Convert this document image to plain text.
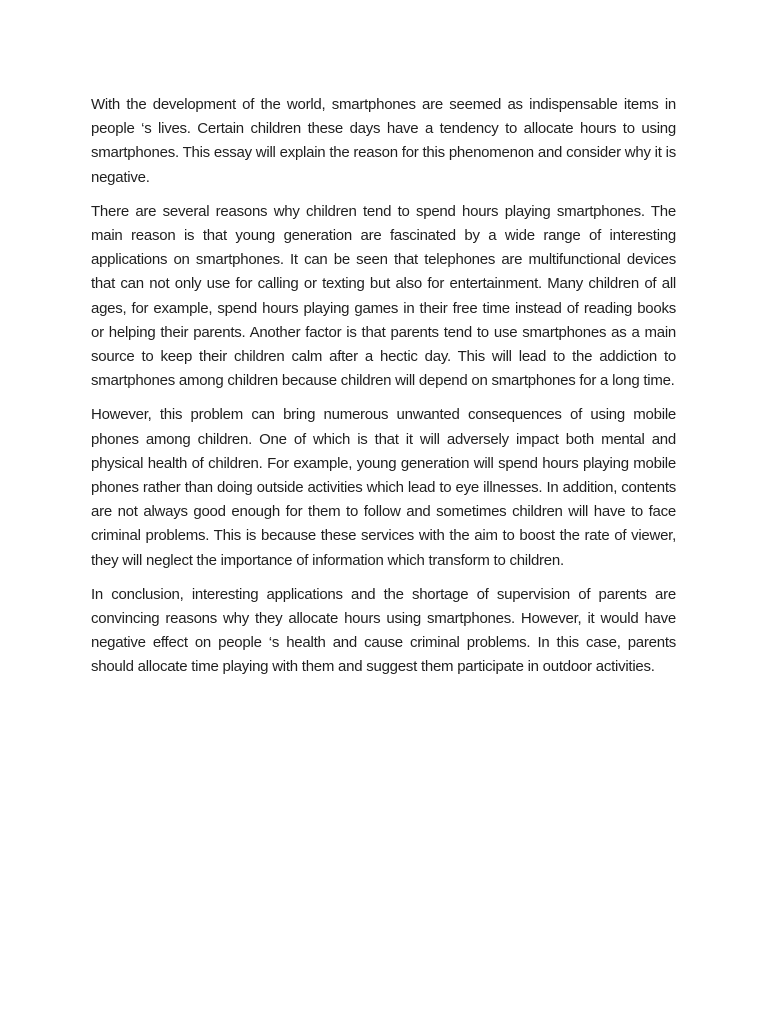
With the development of the world, smartphones are seemed as indispensable items in people ‘s lives. Certain children these days have a tendency to allocate hours to using smartphones. This essay will explain the reason for this phenomenon and consider why it is negative.

There are several reasons why children tend to spend hours playing smartphones. The main reason is that young generation are fascinated by a wide range of interesting applications on smartphones. It can be seen that telephones are multifunctional devices that can not only use for calling or texting but also for entertainment. Many children of all ages, for example, spend hours playing games in their free time instead of reading books or helping their parents. Another factor is that parents tend to use smartphones as a main source to keep their children calm after a hectic day. This will lead to the addiction to smartphones among children because children will depend on smartphones for a long time.

However, this problem can bring numerous unwanted consequences of using mobile phones among children. One of which is that it will adversely impact both mental and physical health of children. For example, young generation will spend hours playing mobile phones rather than doing outside activities which lead to eye illnesses. In addition, contents are not always good enough for them to follow and sometimes children will have to face criminal problems. This is because these services with the aim to boost the rate of viewer, they will neglect the importance of information which transform to children.

In conclusion, interesting applications and the shortage of supervision of parents are convincing reasons why they allocate hours using smartphones. However, it would have negative effect on people ‘s health and cause criminal problems. In this case, parents should allocate time playing with them and suggest them participate in outdoor activities.
